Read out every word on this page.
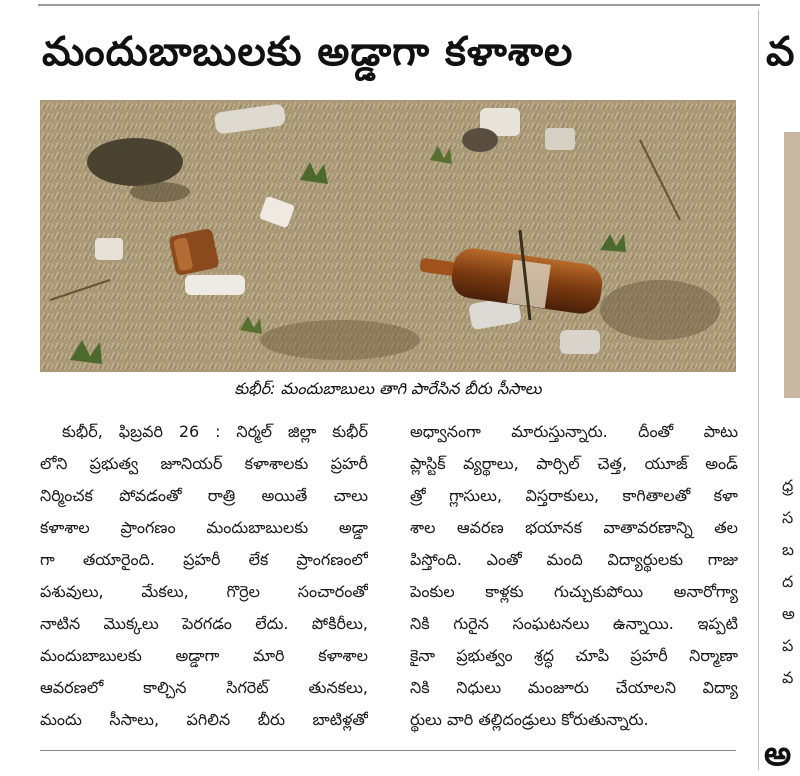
మందుబాబులకు అడ్డాగా కళాశాల
కుభీర్‌: మందుబాబులు తాగి పారేసిన బీరు సీసాలు
కుభీర్, ఫిబ్రవరి 26 : నిర్మల్ జిల్లా కుభీర్
లోని ప్రభుత్వ జూనియర్ కళాశాలకు ప్రహరీ
నిర్మించక పోవడంతో రాత్రి అయితే చాలు
కళాశాల ప్రాంగణం మందుబాబులకు అడ్డా
గా తయారైంది. ప్రహరీ లేక ప్రాంగణంలో
పశువులు, మేకలు, గొర్రెల సంచారంతో
నాటిన మొక్కలు పెరగడం లేదు. పోకిరీలు,
మందుబాబులకు అడ్డాగా మారి కళాశాల
ఆవరణలో కాల్చిన సిగరెట్ తునకలు,
మందు సీసాలు, పగిలిన బీరు బాటిళ్లతో
అధ్వానంగా మారుస్తున్నారు. దీంతో పాటు
ప్లాస్టిక్ వ్యర్థాలు, పార్సిల్ చెత్త, యూజ్ అండ్
త్రో గ్లాసులు, విస్తరాకులు, కాగితాలతో కళా
శాల ఆవరణ భయానక వాతావరణాన్ని తల
పిస్తోంది. ఎంతో మంది విద్యార్థులకు గాజు
పెంకుల కాళ్లకు గుచ్చుకుపోయి అనారోగ్యా
నికి గురైన సంఘటనలు ఉన్నాయి. ఇప్పటి
కైనా ప్రభుత్వం శ్రద్ధ చూపి ప్రహరీ నిర్మాణా
నికి నిధులు మంజూరు చేయాలని విద్యా
ర్థులు వారి తల్లిదండ్రులు కోరుతున్నారు.
వ
ధ్ర
స
బ
ద
అ
ప
వ
అ
